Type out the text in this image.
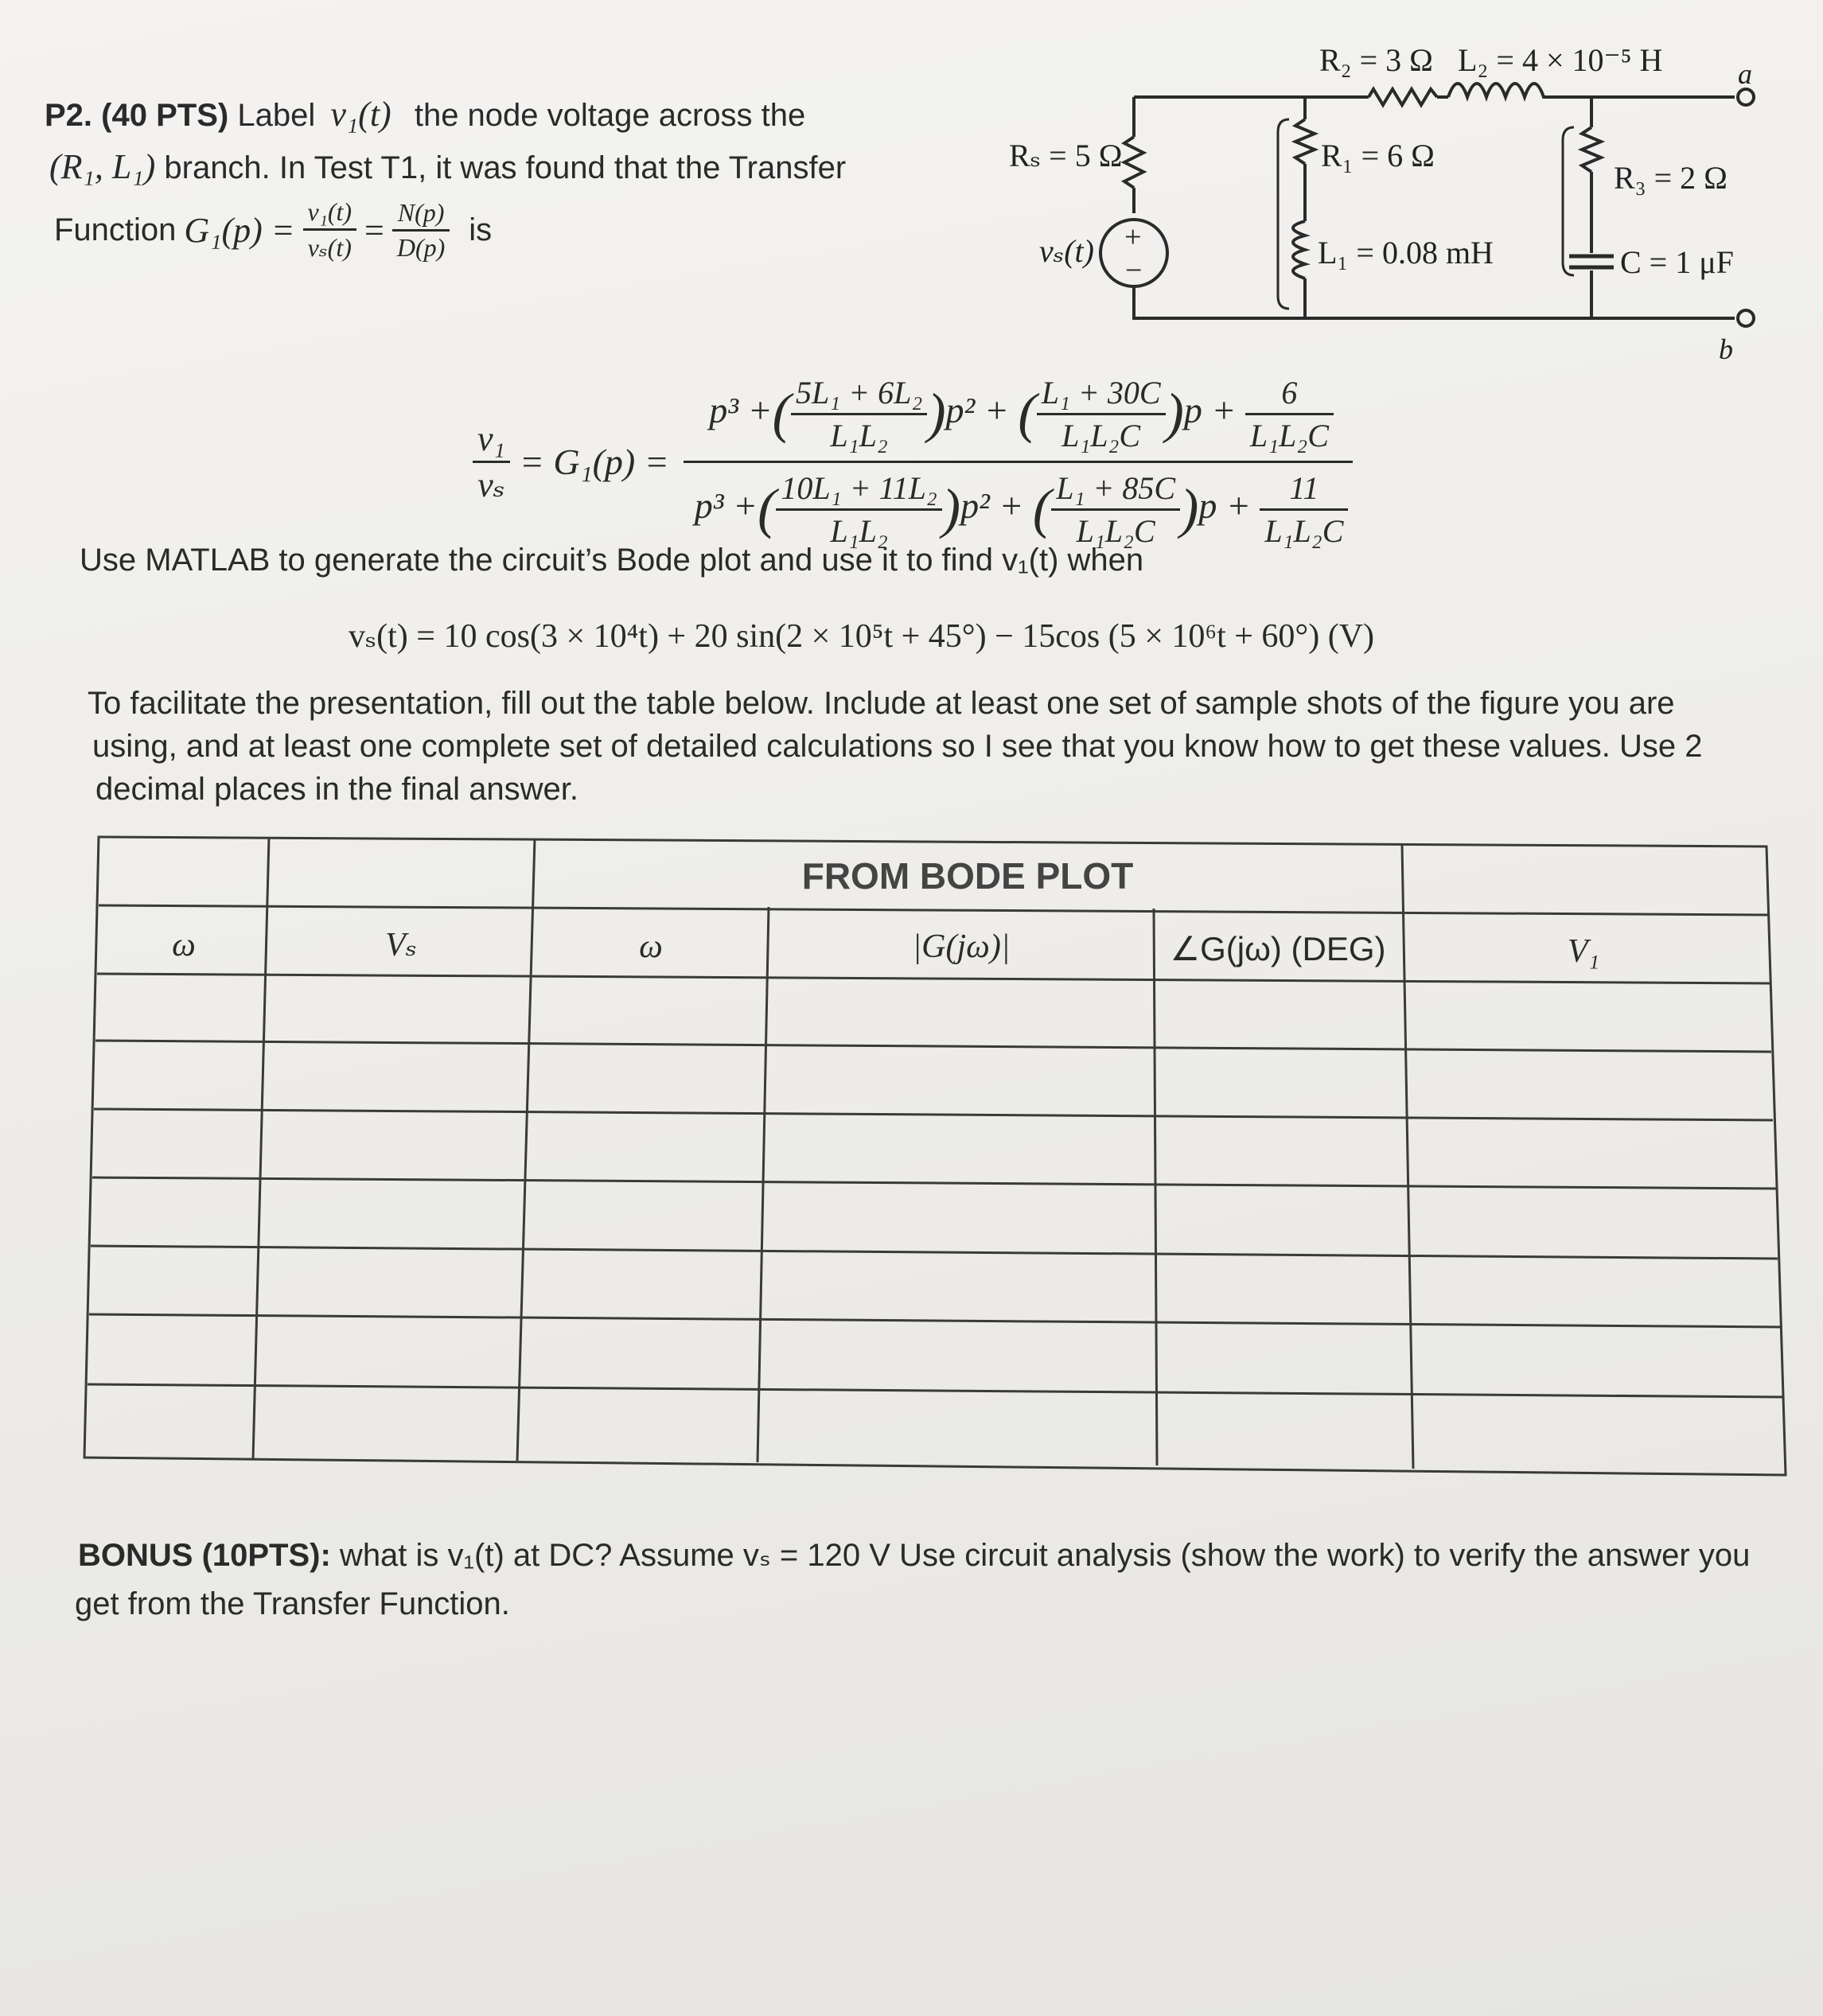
P2. (40 PTS) Label v₁(t) the node voltage across the
(R₁, L₁) branch. In Test T1, it was found that the Transfer
Function $G_1(p) = \frac{\text{v₁(t)}}{\text{vₛ(t)}} = \frac{N(p)}{D(p)}$ is
R₂ = 3 Ω L₂ = 4 × 10⁻⁵ H	a
Rₛ = 5 Ω	R₁ = 6 Ω
R₃ = 2 Ω
vₛ(t) +
−	L₁ = 0.08 mH	C = 1 μF
b
$\frac{\text{v₁}}{\text{vₛ}} = G_1(p)$ =
p³ +( $\frac{\text{5L₁ + 6L₂}}{\text{L₁L₂}} )p^2$ + ( $\frac{\text{L₁ + 30C}}{\text{L₁L₂C}} )p + \frac{6}{\text{L₁L₂C}}$
p³ +( $\frac{\text{10L₁ + 11L₂}}{\text{L₁L₂}} )p^2$ + ( $\frac{\text{L₁ + 85C}}{\text{L₁L₂C}} )p + \frac{11}{\text{L₁L₂C}}$
Use MATLAB to generate the circuit’s Bode plot and use it to find v₁(t) when
vₛ(t) = 10 cos(3 × 10⁴t) + 20 sin(2 × 10⁵t + 45°) − 15cos (5 × 10⁶t + 60°) (V)
To facilitate the presentation, fill out the table below. Include at least one set of sample shots of the figure you are
using, and at least one complete set of detailed calculations so I see that you know how to get these values. Use 2
decimal places in the final answer.
FROM BODE PLOT
ω	Vₛ	ω	|G(jω)|	∠G(jω) (DEG)	V₁
BONUS (10PTS): what is v₁(t) at DC? Assume vₛ = 120 V Use circuit analysis (show the work) to verify the answer you
get from the Transfer Function.
